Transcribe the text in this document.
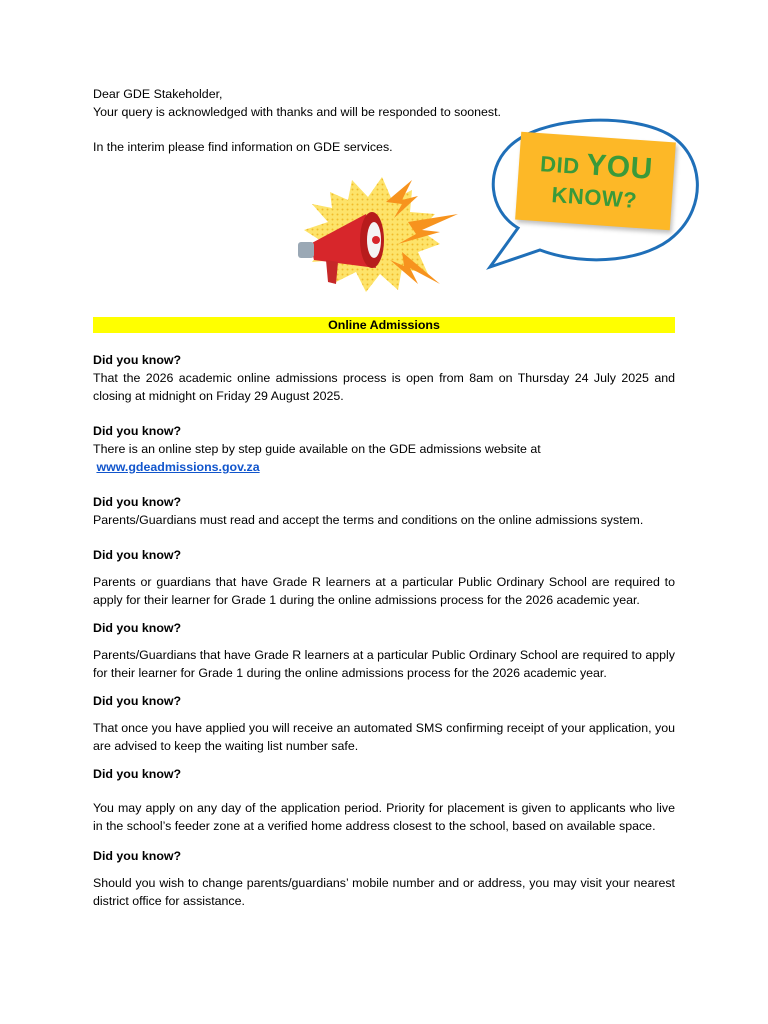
Dear GDE Stakeholder,

Your query is acknowledged with thanks and will be responded to soonest.

In the interim please find information on GDE services.

DID YOU
KNOW?
Online Admissions
Did you know?
That the 2026 academic online admissions process is open from 8am on Thursday 24 July 2025 and closing at midnight on Friday 29 August 2025.
Did you know?
There is an online step by step guide available on the GDE admissions website at
www.gdeadmissions.gov.za
Did you know?
Parents/Guardians must read and accept the terms and conditions on the online admissions system.
Did you know?
Parents or guardians that have Grade R learners at a particular Public Ordinary School are required to apply for their learner for Grade 1 during the online admissions process for the 2026 academic year.
Did you know?
Parents/Guardians that have Grade R learners at a particular Public Ordinary School are required to apply for their learner for Grade 1 during the online admissions process for the 2026 academic year.
Did you know?
That once you have applied you will receive an automated SMS confirming receipt of your application, you are advised to keep the waiting list number safe.
Did you know?
You may apply on any day of the application period. Priority for placement is given to applicants who live in the school’s feeder zone at a verified home address closest to the school, based on available space.
Did you know?
Should you wish to change parents/guardians’ mobile number and or address, you may visit your nearest district office for assistance.
